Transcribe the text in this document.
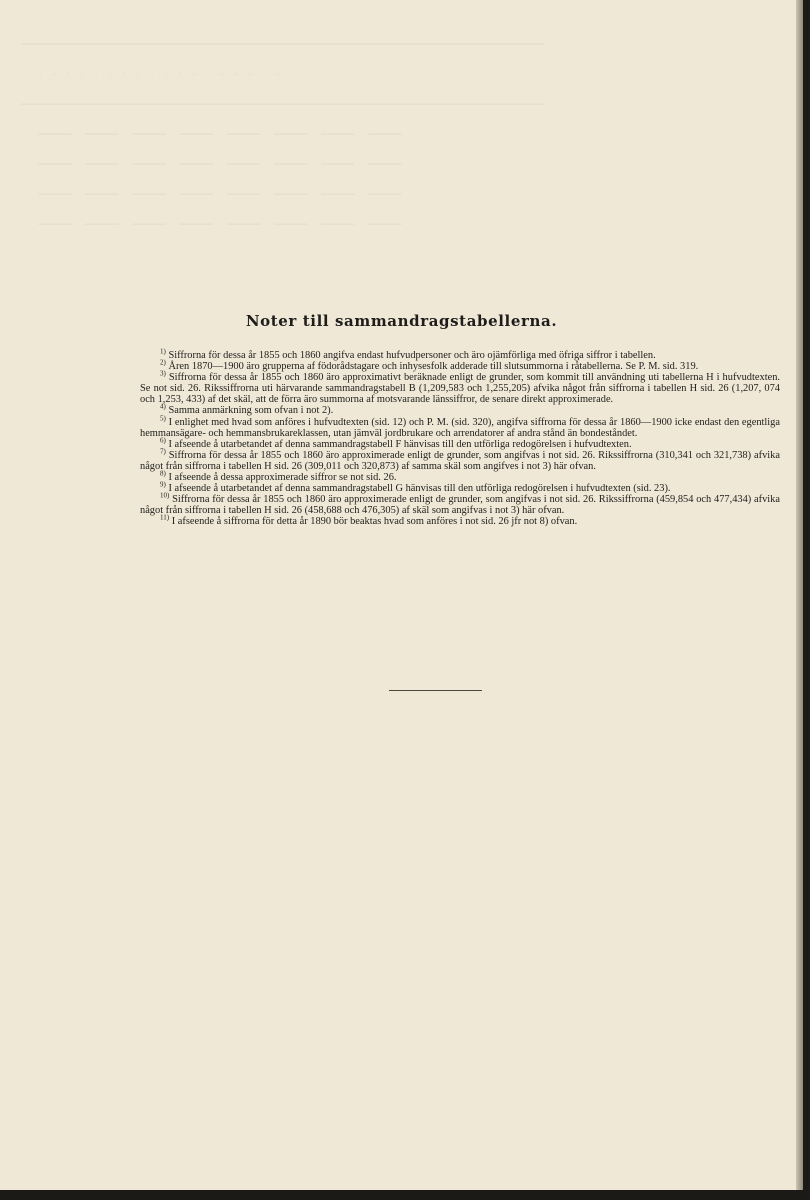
───────────────────────────────────────────────────────────────────────────────
·   ·   ·   ·   ·   ·   ·   ·   ·   ·   ·   ·   ·   ·   ·   ·   ·   ·
───────────────────────────────────────────────────────────────────────────────
─────    ─────    ─────    ─────    ─────    ─────    ─────    ─────
─────    ─────    ─────    ─────    ─────    ─────    ─────    ─────
─────    ─────    ─────    ─────    ─────    ─────    ─────    ─────
─────    ─────    ─────    ─────    ─────    ─────    ─────    ─────

Noter till sammandragstabellerna.

$^{1)}$ Siffrorna för dessa år 1855 och 1860 angifva endast hufvudpersoner och äro ojämförliga med öfriga siffror i tabellen.

$^{2)}$ Åren 1870—1900 äro grupperna af födorådstagare och inhysesfolk adderade till slutsummorna i råtabellerna. Se P. M. sid. 319.

$^{3)}$ Siffrorna för dessa år 1855 och 1860 äro approximativt beräknade enligt de grunder, som kommit till användning uti tabellerna H i hufvudtexten. Se not sid. 26. Rikssiffrorna uti härvarande sammandragstabell B (1,209,583 och 1,255,205) afvika något från siffrorna i tabellen H sid. 26 (1,207, 074 och 1,253, 433) af det skäl, att de förra äro summorna af motsvarande länssiffror, de senare direkt approximerade.

$^{4)}$ Samma anmärkning som ofvan i not 2).

$^{5)}$ I enlighet med hvad som anföres i hufvudtexten (sid. 12) och P. M. (sid. 320), angifva siffrorna för dessa år 1860—1900 icke endast den egentliga hemmansägare- och hemmansbrukareklassen, utan jämväl jordbrukare och arrendatorer af andra stånd än bondeståndet.

$^{6)}$ I afseende å utarbetandet af denna sammandragstabell F hänvisas till den utförliga redogörelsen i hufvudtexten.

$^{7)}$ Siffrorna för dessa år 1855 och 1860 äro approximerade enligt de grunder, som angifvas i not sid. 26. Rikssiffrorna (310,341 och 321,738) afvika något från siffrorna i tabellen H sid. 26 (309,011 och 320,873) af samma skäl som angifves i not 3) här ofvan.

$^{8)}$ I afseende å dessa approximerade siffror se not sid. 26.

$^{9)}$ I afseende å utarbetandet af denna sammandragstabell G hänvisas till den utförliga redogörelsen i hufvudtexten (sid. 23).

$^{10)}$ Siffrorna för dessa år 1855 och 1860 äro approximerade enligt de grunder, som angifvas i not sid. 26. Rikssiffrorna (459,854 och 477,434) afvika något från siffrorna i tabellen H sid. 26 (458,688 och 476,305) af skäl som angifvas i not 3) här ofvan.

$^{11)}$ I afseende å siffrorna för detta år 1890 bör beaktas hvad som anföres i not sid. 26 jfr not 8) ofvan.
